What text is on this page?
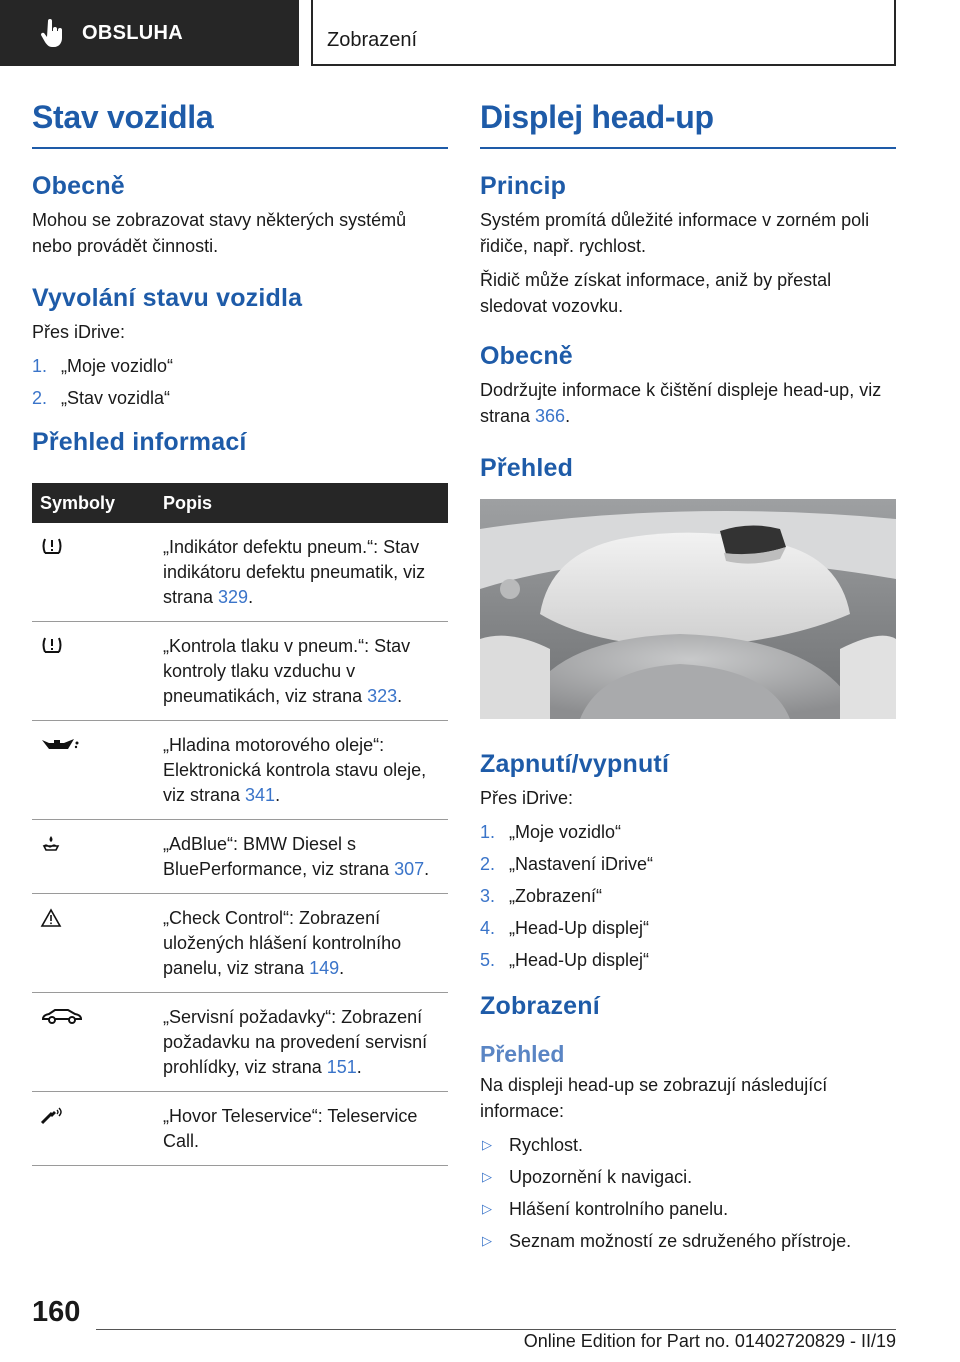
OBSLUHA	Zobrazení
Stav vozidla
Obecně

Mohou se zobrazovat stavy některých systémů nebo provádět činnosti.

Vyvolání stavu vozidla

Přes iDrive:

1. „Moje vozidlo“
2. „Stav vozidla“
Přehled informací
Symboly	Popis

	„Indikátor defektu pneum.“: Stav indikátoru defektu pneumatik, viz strana 329.

	„Kontrola tlaku v pneum.“: Stav kontroly tlaku vzduchu v pneumatikách, viz strana 323.

	„Hladina motorového oleje“: Elektronická kontrola stavu oleje, viz strana 341.

	„AdBlue“: BMW Diesel s BluePerformance, viz strana 307.

	„Check Control“: Zobrazení uložených hlášení kontrolního panelu, viz strana 149.

	„Servisní požadavky“: Zobrazení požadavku na provedení servisní prohlídky, viz strana 151.

	„Hovor Teleservice“: Teleservice Call.
Displej head-up
Princip

Systém promítá důležité informace v zorném poli řidiče, např. rychlost.

Řidič může získat informace, aniž by přestal sledovat vozovku.

Obecně

Dodržujte informace k čištění displeje head-up, viz strana 366.

Přehled
Zapnutí/vypnutí

Přes iDrive:

1. „Moje vozidlo“
2. „Nastavení iDrive“
3. „Zobrazení“
4. „Head-Up displej“
5. „Head-Up displej“
Zobrazení
Přehled

Na displeji head-up se zobrazují následující informace:

▷ Rychlost.
▷ Upozornění k navigaci.
▷ Hlášení kontrolního panelu.
▷ Seznam možností ze sdruženého přístroje.
160
Online Edition for Part no. 01402720829 - II/19
